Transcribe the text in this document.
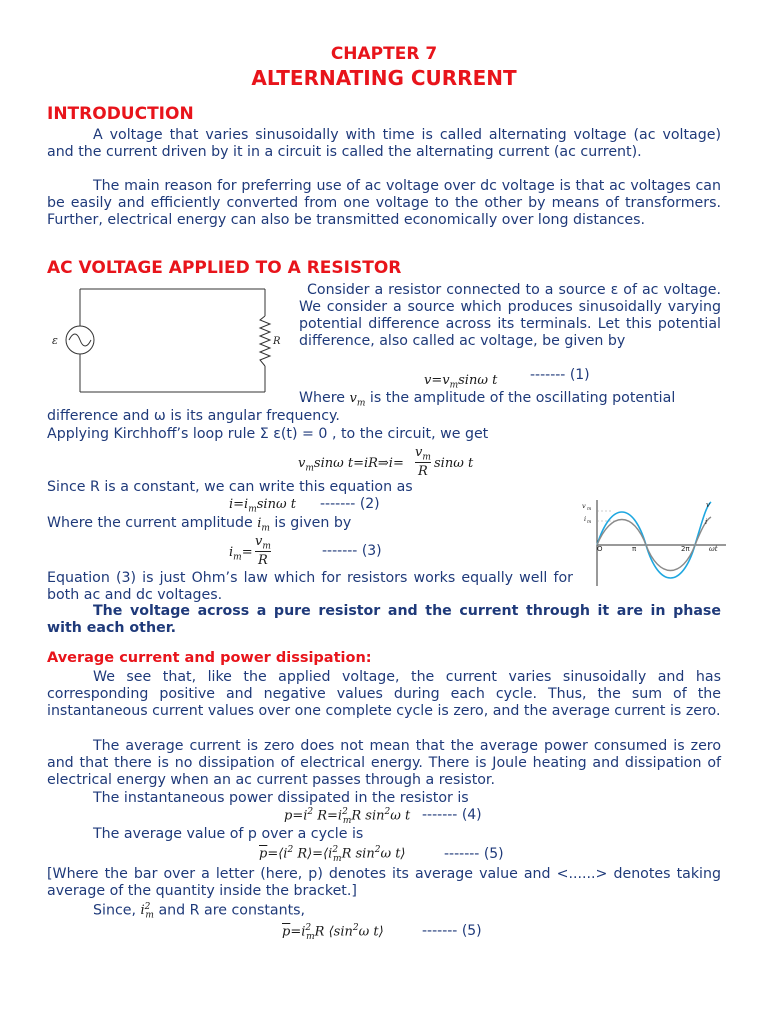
CHAPTER 7
ALTERNATING CURRENT
INTRODUCTION
A voltage that varies sinusoidally with time is called alternating voltage (ac voltage) and the current driven by it in a circuit is called the alternating current (ac current).
The main reason for preferring use of ac voltage over dc voltage is that ac voltages can be easily and efficiently converted from one voltage to the other by means of transformers. Further, electrical energy can also be transmitted economically over long distances.
AC VOLTAGE APPLIED TO A RESISTOR
ε	R
Consider a resistor connected to a source ε of ac voltage. We consider a source which produces sinusoidally varying potential difference across its terminals. Let this potential difference, also called ac voltage, be given by
$v=v_m\sin\omega$ t ------- (1)
Where $v_m$ is the amplitude of the oscillating potential
difference and ω is its angular frequency.
Applying Kirchhoff’s loop rule Σ ε(t) = 0 , to the circuit, we get
$v_m\sin\omega$ t=iR⇒i=
$v_m$
R
sinω t
Since R is a constant, we can write this equation as
$i=i_m\sin\omega$ t ------- (2)
Where the current amplitude $i_m$ is given by
$i_m=$
$v_m$
R
------- (3)
v m
i m
v
i
O	π	2π	ωt
Equation (3) is just Ohm’s law which for resistors works equally well for both ac and dc voltages.
The voltage across a pure resistor and the current through it are in phase with each other.
Average current and power dissipation:
We see that, like the applied voltage, the current varies sinusoidally and has corresponding positive and negative values during each cycle. Thus, the sum of the instantaneous current values over one complete cycle is zero, and the average current is zero.
The average current is zero does not mean that the average power consumed is zero and that there is no dissipation of electrical energy. There is Joule heating and dissipation of electrical energy when an ac current passes through a resistor.
The instantaneous power dissipated in the resistor is
$p=i^2$ $R=i^2_mR$ $\sin^2\omega$ t ------- (4)
The average value of p over a cycle is
$\overline{p}=⟨i^2$ $R⟩=⟨i^2_mR$ $\sin^2\omega$ t⟩	------- (5)
[Where the bar over a letter (here, p) denotes its average value and <......> denotes taking average of the quantity inside the bracket.]
Since, $i^2_m$ and R are constants,
$\overline{p}=i^2_mR$ $⟨\sin^2\omega$ t⟩	------- (5)
